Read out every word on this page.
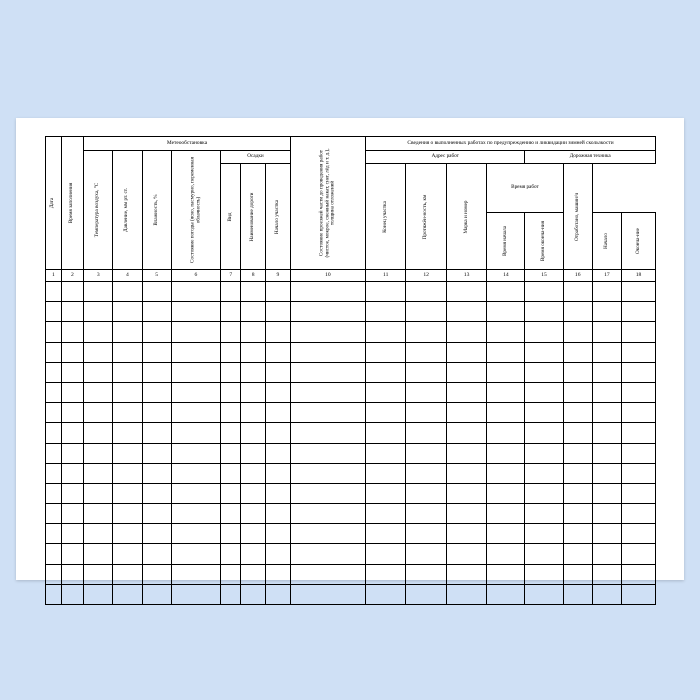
Дата	Время заполнения	Метеообстановка							Состояние проезжей части до проведения работ (чистое, мокрое, снежный накат, снег, лёд и т. д.), толщина отложений	Сведения о выполненных работах по предупреждению и ликвидации зимней скользкости							

		Температура воздуха, °С	Давление, мм рт. ст.	Влажность, %	Состояние погоды (ясно, пасмурно, переменная облачность)	Осадки				Адрес работ				Дорожная техника			

						Вид	Наименование дороги	Начало участка		Конец участка	Протяжён-ность, км	Марка и номер	Время работ		Отработано, машин/ч		

													Время начала	Время оконча-ния		Начало	Оконча-ние

1	2	3	4	5	6	7	8	9	10	11	12	13	14	15	16	17	18
